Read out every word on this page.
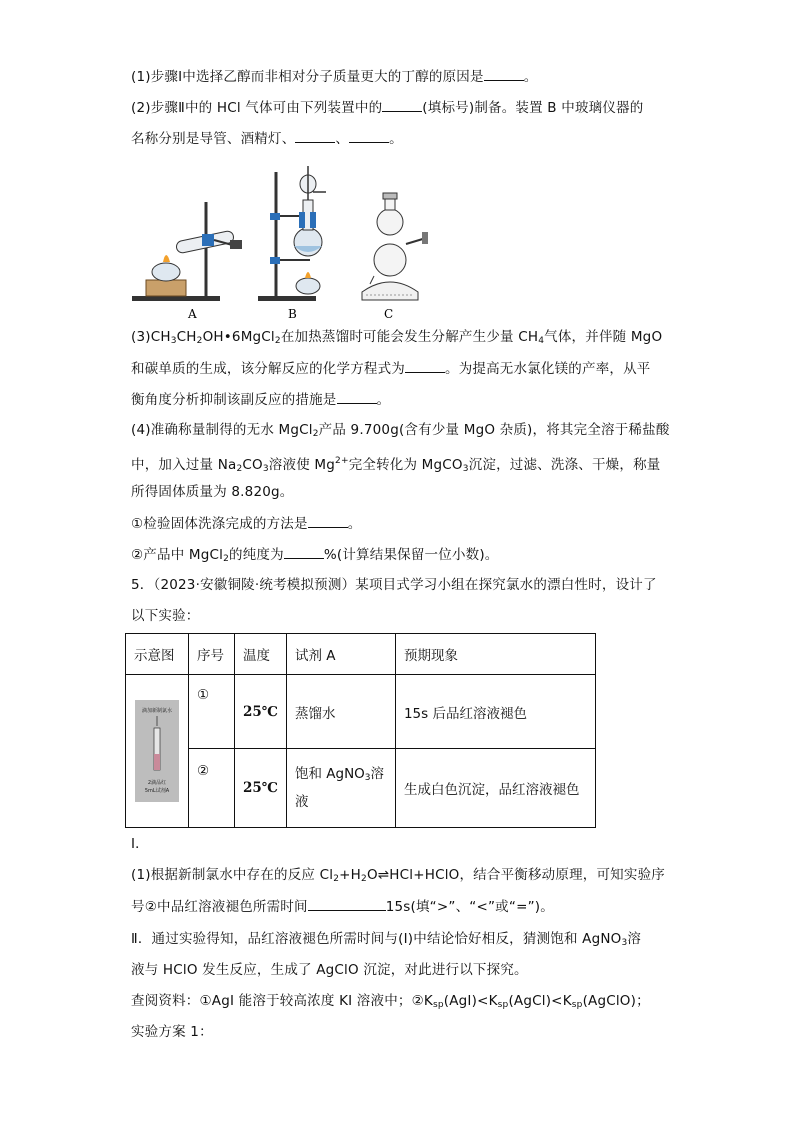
(1)步骤Ⅰ中选择乙醇而非相对分子质量更大的丁醇的原因是	。
(2)步骤Ⅱ中的 HCl 气体可由下列装置中的	(填标号)制备。装置 B 中玻璃仪器的
名称分别是导管、酒精灯、	、	。
A	B	C
$(3)CH_3CH_2OH•6MgCl_2$在加热蒸馏时可能会发生分解产生少量 $CH_4$气体，并伴随 MgO
和碳单质的生成，该分解反应的化学方程式为	。为提高无水氯化镁的产率，从平
衡角度分析抑制该副反应的措施是	。
(4)准确称量制得的无水 MgCl$_2$产品 9.700g(含有少量 MgO 杂质)，将其完全溶于稀盐酸
中，加入过量 $Na_2CO_3$溶液使 $Mg^{2+}$完全转化为 MgCO$_3$沉淀，过滤、洗涤、干燥，称量
所得固体质量为 8.820g。
①检验固体洗涤完成的方法是	。
②产品中 MgCl$_2$的纯度为	%(计算结果保留一位小数)。
5．（2023·安徽铜陵·统考模拟预测）某项目式学习小组在探究氯水的漂白性时，设计了
以下实验：
示意图	序号	温度	试剂 A	预期现象

滴加新制氯水
2滴品红
5mL试剂A	①	25℃	蒸馏水	15s 后品红溶液褪色
	②	25℃	饱和 AgNO$_3$溶
液	生成白色沉淀，品红溶液褪色
Ⅰ．
(1)根据新制氯水中存在的反应 $Cl_2+H_2O\rightleftharpoons HCl+HClO$，结合平衡移动原理，可知实验序
号②中品红溶液褪色所需时间	15s(填“>”、“<”或“=”)。
Ⅱ．通过实验得知，品红溶液褪色所需时间与(Ⅰ)中结论恰好相反，猜测饱和 AgNO$_3$溶
液与 HClO 发生反应，生成了 AgClO 沉淀，对此进行以下探究。
查阅资料：①AgI 能溶于较高浓度 KI 溶液中；$②K_{sp}(AgI)<K_{sp}(AgCl)<K_{sp}(AgClO)$；
实验方案 1：
